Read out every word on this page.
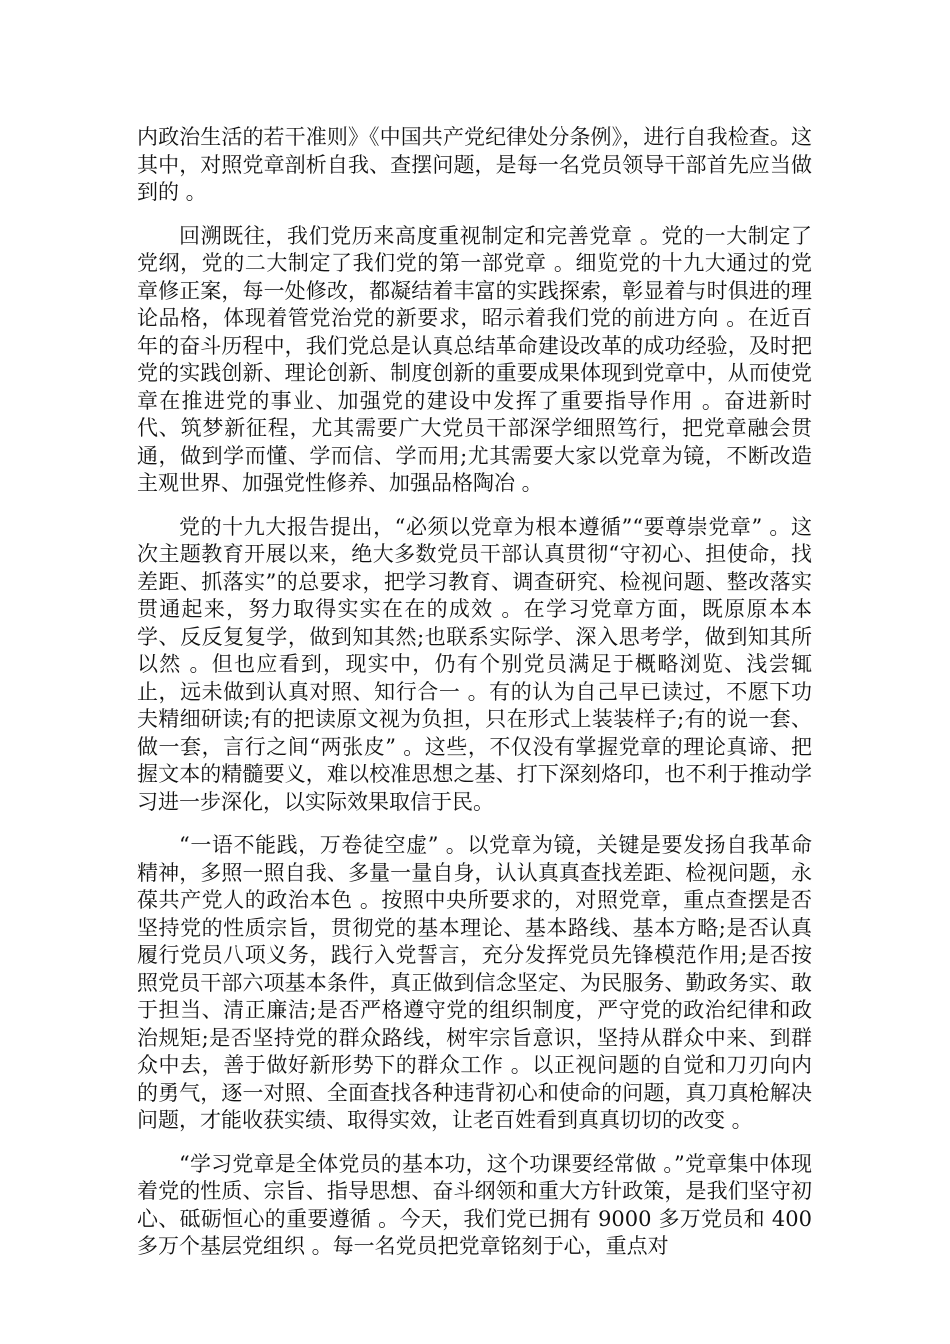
内政治生活的若干准则》《中国共产党纪律处分条例》，进行自我检查。这其中，对照党章剖析自我、查摆问题，是每一名党员领导干部首先应当做到的 。

回溯既往，我们党历来高度重视制定和完善党章 。党的一大制定了党纲，党的二大制定了我们党的第一部党章 。细览党的十九大通过的党章修正案，每一处修改，都凝结着丰富的实践探索，彰显着与时俱进的理论品格，体现着管党治党的新要求，昭示着我们党的前进方向 。在近百年的奋斗历程中，我们党总是认真总结革命建设改革的成功经验，及时把党的实践创新、理论创新、制度创新的重要成果体现到党章中，从而使党章在推进党的事业、加强党的建设中发挥了重要指导作用 。奋进新时代、筑梦新征程，尤其需要广大党员干部深学细照笃行，把党章融会贯通，做到学而懂、学而信、学而用;尤其需要大家以党章为镜，不断改造主观世界、加强党性修养、加强品格陶冶 。

党的十九大报告提出，“必须以党章为根本遵循”“要尊崇党章” 。这次主题教育开展以来，绝大多数党员干部认真贯彻“守初心、担使命，找差距、抓落实”的总要求，把学习教育、调查研究、检视问题、整改落实贯通起来，努力取得实实在在的成效 。在学习党章方面，既原原本本学、反反复复学，做到知其然;也联系实际学、深入思考学，做到知其所以然 。但也应看到，现实中，仍有个别党员满足于概略浏览、浅尝辄止，远未做到认真对照、知行合一 。有的认为自己早已读过，不愿下功夫精细研读;有的把读原文视为负担，只在形式上装装样子;有的说一套、做一套，言行之间“两张皮” 。这些，不仅没有掌握党章的理论真谛、把握文本的精髓要义，难以校准思想之基、打下深刻烙印，也不利于推动学习进一步深化，以实际效果取信于民。

“一语不能践，万卷徒空虚” 。以党章为镜，关键是要发扬自我革命精神，多照一照自我、多量一量自身，认认真真查找差距、检视问题，永葆共产党人的政治本色 。按照中央所要求的，对照党章，重点查摆是否坚持党的性质宗旨，贯彻党的基本理论、基本路线、基本方略;是否认真履行党员八项义务，践行入党誓言，充分发挥党员先锋模范作用;是否按照党员干部六项基本条件，真正做到信念坚定、为民服务、勤政务实、敢于担当、清正廉洁;是否严格遵守党的组织制度，严守党的政治纪律和政治规矩;是否坚持党的群众路线，树牢宗旨意识，坚持从群众中来、到群众中去，善于做好新形势下的群众工作 。以正视问题的自觉和刀刃向内的勇气，逐一对照、全面查找各种违背初心和使命的问题，真刀真枪解决问题，才能收获实绩、取得实效，让老百姓看到真真切切的改变 。

“学习党章是全体党员的基本功，这个功课要经常做 。”党章集中体现着党的性质、宗旨、指导思想、奋斗纲领和重大方针政策，是我们坚守初心、砥砺恒心的重要遵循 。今天，我们党已拥有 9000 多万党员和 400 多万个基层党组织 。每一名党员把党章铭刻于心，重点对
